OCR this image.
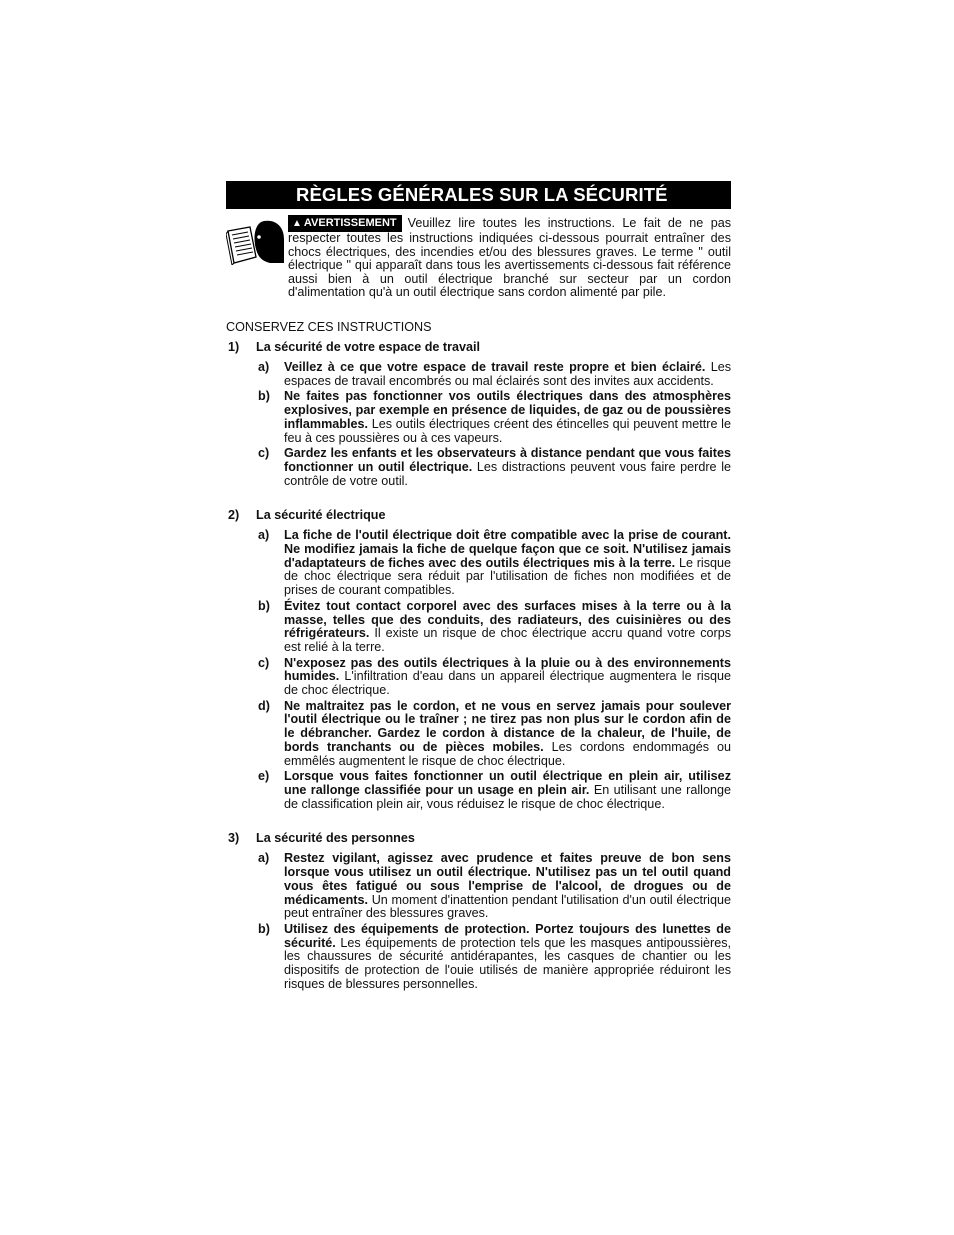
RÈGLES GÉNÉRALES SUR LA SÉCURITÉ
▲ AVERTISSEMENT Veuillez lire toutes les instructions. Le fait de ne pas respecter toutes les instructions indiquées ci-dessous pourrait entraîner des chocs électriques, des incendies et/ou des blessures graves. Le terme " outil électrique " qui apparaît dans tous les avertissements ci-dessous fait référence aussi bien à un outil électrique branché sur secteur par un cordon d'alimentation qu'à un outil électrique sans cordon alimenté par pile.
CONSERVEZ CES INSTRUCTIONS
1) La sécurité de votre espace de travail
a) Veillez à ce que votre espace de travail reste propre et bien éclairé. Les espaces de travail encombrés ou mal éclairés sont des invites aux accidents.
b) Ne faites pas fonctionner vos outils électriques dans des atmosphères explosives, par exemple en présence de liquides, de gaz ou de poussières inflammables. Les outils électriques créent des étincelles qui peuvent mettre le feu à ces poussières ou à ces vapeurs.
c) Gardez les enfants et les observateurs à distance pendant que vous faites fonctionner un outil électrique. Les distractions peuvent vous faire perdre le contrôle de votre outil.
2) La sécurité électrique
a) La fiche de l'outil électrique doit être compatible avec la prise de courant. Ne modifiez jamais la fiche de quelque façon que ce soit. N'utilisez jamais d'adaptateurs de fiches avec des outils électriques mis à la terre. Le risque de choc électrique sera réduit par l'utilisation de fiches non modifiées et de prises de courant compatibles.
b) Évitez tout contact corporel avec des surfaces mises à la terre ou à la masse, telles que des conduits, des radiateurs, des cuisinières ou des réfrigérateurs. Il existe un risque de choc électrique accru quand votre corps est relié à la terre.
c) N'exposez pas des outils électriques à la pluie ou à des environnements humides. L'infiltration d'eau dans un appareil électrique augmentera le risque de choc électrique.
d) Ne maltraitez pas le cordon, et ne vous en servez jamais pour soulever l'outil électrique ou le traîner ; ne tirez pas non plus sur le cordon afin de le débrancher. Gardez le cordon à distance de la chaleur, de l'huile, de bords tranchants ou de pièces mobiles. Les cordons endommagés ou emmêlés augmentent le risque de choc électrique.
e) Lorsque vous faites fonctionner un outil électrique en plein air, utilisez une rallonge classifiée pour un usage en plein air. En utilisant une rallonge de classification plein air, vous réduisez le risque de choc électrique.
3) La sécurité des personnes
a) Restez vigilant, agissez avec prudence et faites preuve de bon sens lorsque vous utilisez un outil électrique. N'utilisez pas un tel outil quand vous êtes fatigué ou sous l'emprise de l'alcool, de drogues ou de médicaments. Un moment d'inattention pendant l'utilisation d'un outil électrique peut entraîner des blessures graves.
b) Utilisez des équipements de protection. Portez toujours des lunettes de sécurité. Les équipements de protection tels que les masques antipoussières, les chaussures de sécurité antidérapantes, les casques de chantier ou les dispositifs de protection de l'ouie utilisés de manière appropriée réduiront les risques de blessures personnelles.
